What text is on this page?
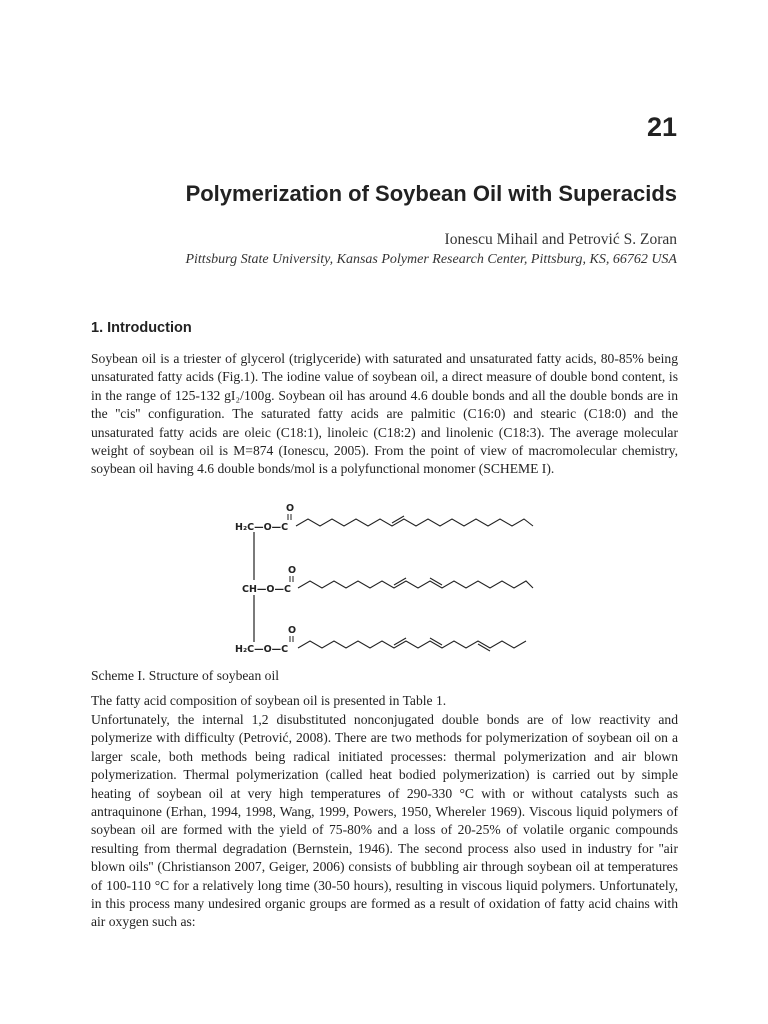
21
Polymerization of Soybean Oil with Superacids
Ionescu Mihail and Petrović S. Zoran
Pittsburg State University, Kansas Polymer Research Center, Pittsburg, KS, 66762 USA
1. Introduction

Soybean oil is a triester of glycerol (triglyceride) with saturated and unsaturated fatty acids, 80-85% being unsaturated fatty acids (Fig.1). The iodine value of soybean oil, a direct measure of double bond content, is in the range of 125-132 gI₂/100g. Soybean oil has around 4.6 double bonds and all the double bonds are in the ''cis'' configuration. The saturated fatty acids are palmitic (C16:0) and stearic (C18:0) and the unsaturated fatty acids are oleic (C18:1), linoleic (C18:2) and linolenic (C18:3). The average molecular weight of soybean oil is M=874 (Ionescu, 2005). From the point of view of macromolecular chemistry, soybean oil having 4.6 double bonds/mol is a polyfunctional monomer (SCHEME I).

H₂C—O—C
O
CH—O—C
O
H₂C—O—C
O
Scheme I. Structure of soybean oil

The fatty acid composition of soybean oil is presented in Table 1.

Unfortunately, the internal 1,2 disubstituted nonconjugated double bonds are of low reactivity and polymerize with difficulty (Petrović, 2008). There are two methods for polymerization of soybean oil on a larger scale, both methods being radical initiated processes: thermal polymerization and air blown polymerization. Thermal polymerization (called heat bodied polymerization) is carried out by simple heating of soybean oil at very high temperatures of 290-330 °C with or without catalysts such as antraquinone (Erhan, 1994, 1998, Wang, 1999, Powers, 1950, Whereler 1969). Viscous liquid polymers of soybean oil are formed with the yield of 75-80% and a loss of 20-25% of volatile organic compounds resulting from thermal degradation (Bernstein, 1946). The second process also used in industry for ''air blown oils'' (Christianson 2007, Geiger, 2006) consists of bubbling air through soybean oil at temperatures of 100-110 °C for a relatively long time (30-50 hours), resulting in viscous liquid polymers. Unfortunately, in this process many undesired organic groups are formed as a result of oxidation of fatty acid chains with air oxygen such as:
